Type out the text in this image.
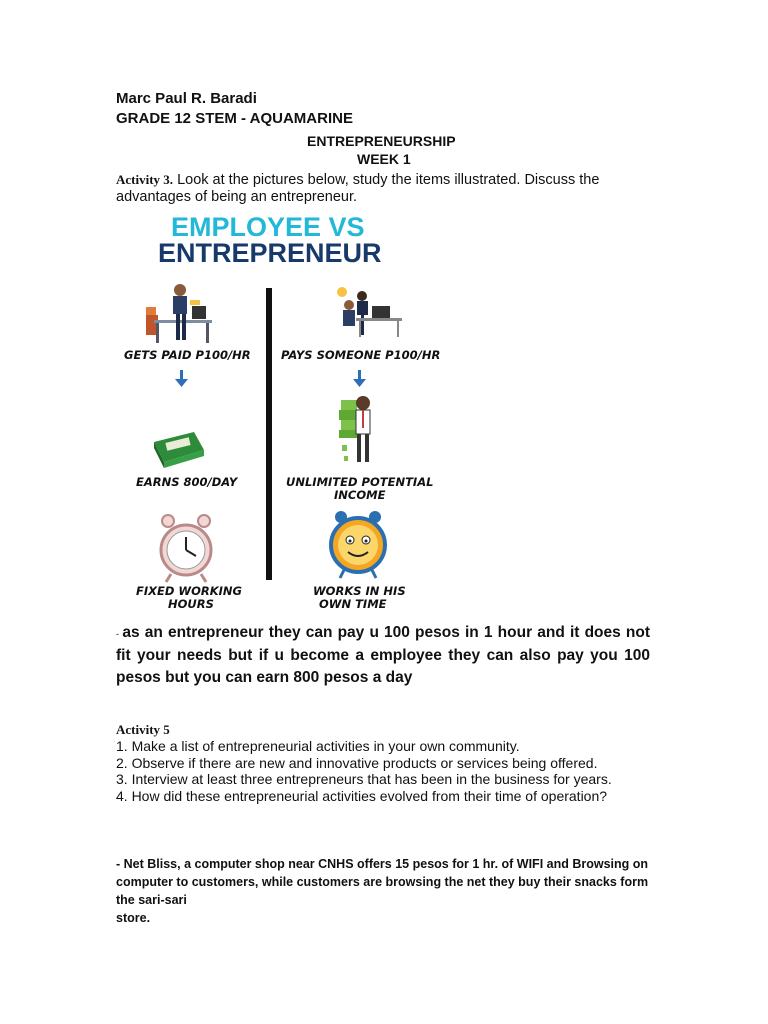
Marc Paul R. Baradi
GRADE 12 STEM - AQUAMARINE
ENTREPRENEURSHIP
WEEK 1
Activity 3. Look at the pictures below, study the items illustrated. Discuss the advantages of being an entrepreneur.
EMPLOYEE VS
ENTREPRENEUR
GETS PAID P100/HR
EARNS 800/DAY
FIXED WORKING
HOURS
PAYS SOMEONE P100/HR
UNLIMITED POTENTIAL
INCOME
WORKS IN HIS
OWN TIME
- as an entrepreneur they can pay u 100 pesos in 1 hour and it does not fit your needs but if u become a employee they can also pay you 100 pesos but you can earn 800 pesos a day
Activity 5
1. Make a list of entrepreneurial activities in your own community.
2. Observe if there are new and innovative products or services being offered.
3. Interview at least three entrepreneurs that has been in the business for years.
4. How did these entrepreneurial activities evolved from their time of operation?
- Net Bliss, a computer shop near CNHS offers 15 pesos for 1 hr. of WIFI and Browsing on computer to customers, while customers are browsing the net they buy their snacks form the sari-sari
store.
